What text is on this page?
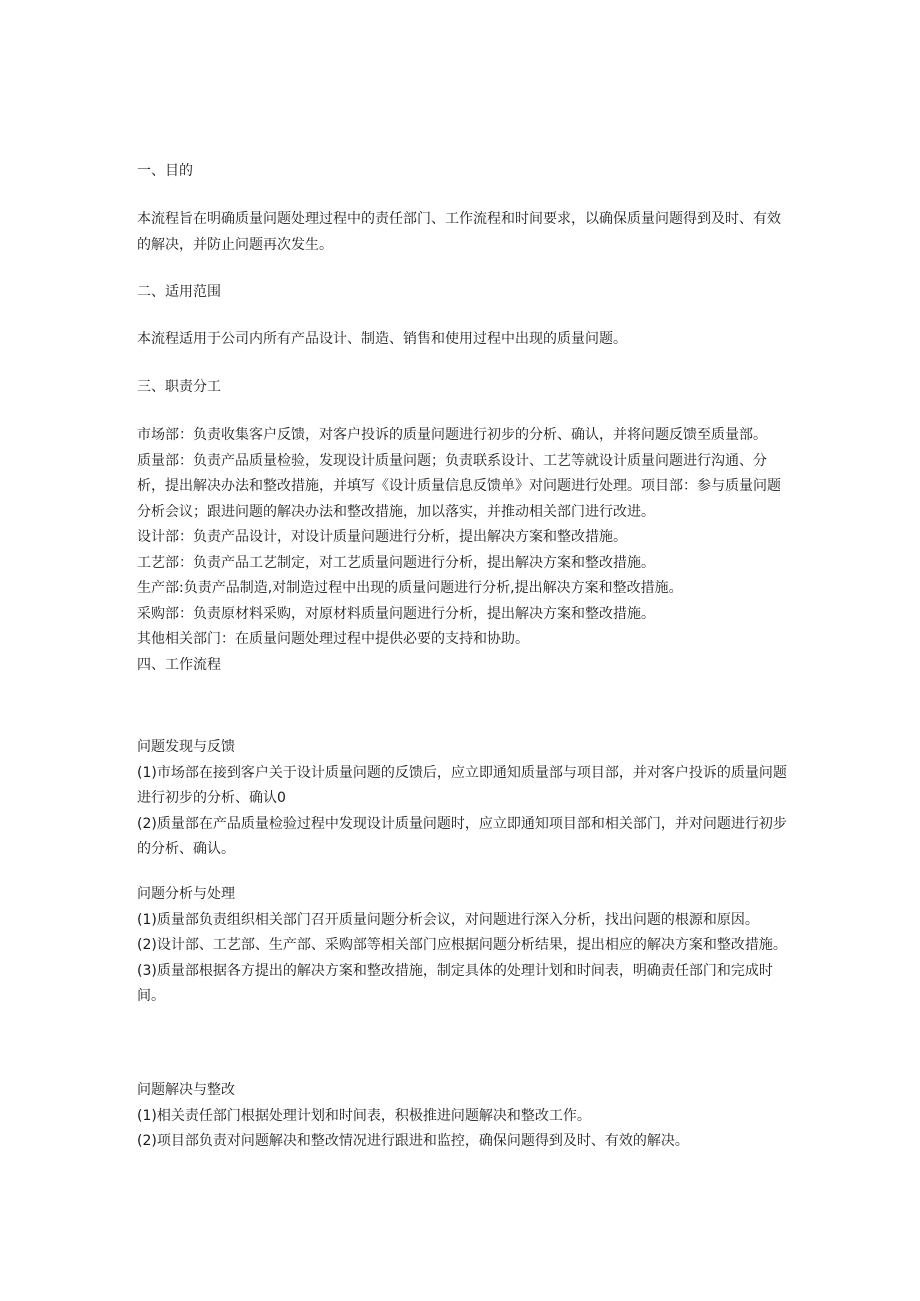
一、目的

本流程旨在明确质量问题处理过程中的责任部门、工作流程和时间要求，以确保质量问题得到及时、有效的解决，并防止问题再次发生。

二、适用范围

本流程适用于公司内所有产品设计、制造、销售和使用过程中出现的质量问题。

三、职责分工

市场部：负责收集客户反馈，对客户投诉的质量问题进行初步的分析、确认，并将问题反馈至质量部。

质量部：负责产品质量检验，发现设计质量问题；负责联系设计、工艺等就设计质量问题进行沟通、分析，提出解决办法和整改措施，并填写《设计质量信息反馈单》对问题进行处理。项目部：参与质量问题分析会议；跟进问题的解决办法和整改措施，加以落实，并推动相关部门进行改进。

设计部：负责产品设计，对设计质量问题进行分析，提出解决方案和整改措施。

工艺部：负责产品工艺制定，对工艺质量问题进行分析，提出解决方案和整改措施。

生产部:负责产品制造,对制造过程中出现的质量问题进行分析,提出解决方案和整改措施。

采购部：负责原材料采购，对原材料质量问题进行分析，提出解决方案和整改措施。

其他相关部门：在质量问题处理过程中提供必要的支持和协助。

四、工作流程

问题发现与反馈

(1)市场部在接到客户关于设计质量问题的反馈后，应立即通知质量部与项目部，并对客户投诉的质量问题进行初步的分析、确认0

(2)质量部在产品质量检验过程中发现设计质量问题时，应立即通知项目部和相关部门，并对问题进行初步的分析、确认。

问题分析与处理

(1)质量部负责组织相关部门召开质量问题分析会议，对问题进行深入分析，找出问题的根源和原因。

(2)设计部、工艺部、生产部、采购部等相关部门应根据问题分析结果，提出相应的解决方案和整改措施。

(3)质量部根据各方提出的解决方案和整改措施，制定具体的处理计划和时间表，明确责任部门和完成时间。

问题解决与整改

(1)相关责任部门根据处理计划和时间表，积极推进问题解决和整改工作。

(2)项目部负责对问题解决和整改情况进行跟进和监控，确保问题得到及时、有效的解决。
